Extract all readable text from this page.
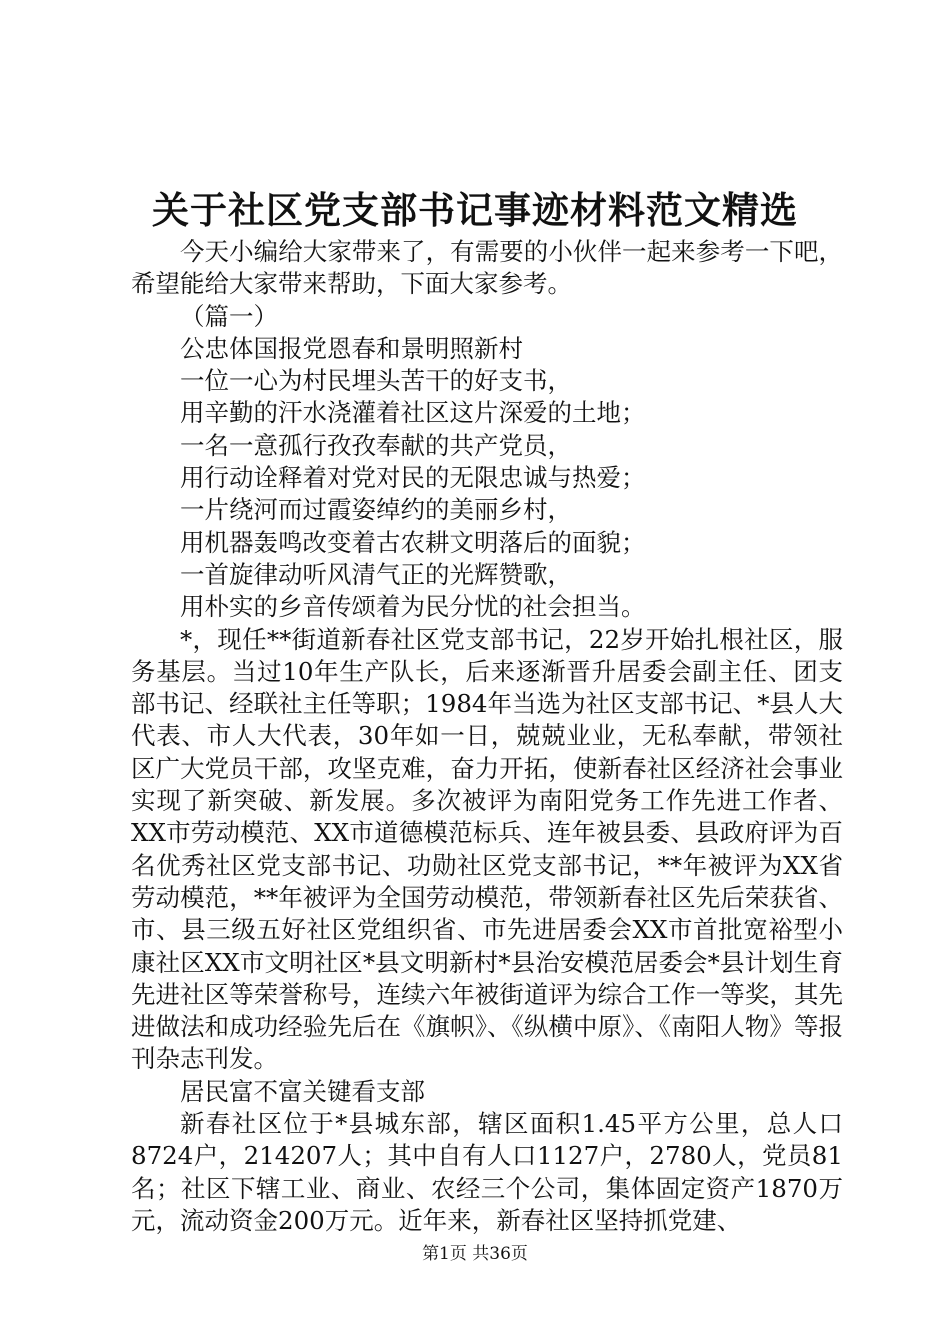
关于社区党支部书记事迹材料范文精选

今天小编给大家带来了，有需要的小伙伴一起来参考一下吧，希望能给大家带来帮助，下面大家参考。

（篇一）

公忠体国报党恩春和景明照新村

一位一心为村民埋头苦干的好支书，

用辛勤的汗水浇灌着社区这片深爱的土地；

一名一意孤行孜孜奉献的共产党员，

用行动诠释着对党对民的无限忠诚与热爱；

一片绕河而过霞姿绰约的美丽乡村，

用机器轰鸣改变着古农耕文明落后的面貌；

一首旋律动听风清气正的光辉赞歌，

用朴实的乡音传颂着为民分忧的社会担当。

*，现任**街道新春社区党支部书记，22岁开始扎根社区，服务基层。当过10年生产队长，后来逐渐晋升居委会副主任、团支部书记、经联社主任等职；1984年当选为社区支部书记、*县人大代表、市人大代表，30年如一日，兢兢业业，无私奉献，带领社区广大党员干部，攻坚克难，奋力开拓，使新春社区经济社会事业实现了新突破、新发展。多次被评为南阳党务工作先进工作者、XX市劳动模范、XX市道德模范标兵、连年被县委、县政府评为百名优秀社区党支部书记、功勋社区党支部书记，**年被评为XX省劳动模范，**年被评为全国劳动模范，带领新春社区先后荣获省、市、县三级五好社区党组织省、市先进居委会XX市首批宽裕型小康社区XX市文明社区*县文明新村*县治安模范居委会*县计划生育先进社区等荣誉称号，连续六年被街道评为综合工作一等奖，其先进做法和成功经验先后在《旗帜》、《纵横中原》、《南阳人物》等报刊杂志刊发。

居民富不富关键看支部

新春社区位于*县城东部，辖区面积1.45平方公里，总人口8724户，214207人；其中自有人口1127户，2780人，党员81名；社区下辖工业、商业、农经三个公司，集体固定资产1870万元，流动资金200万元。近年来，新春社区坚持抓党建、

第1页 共36页
